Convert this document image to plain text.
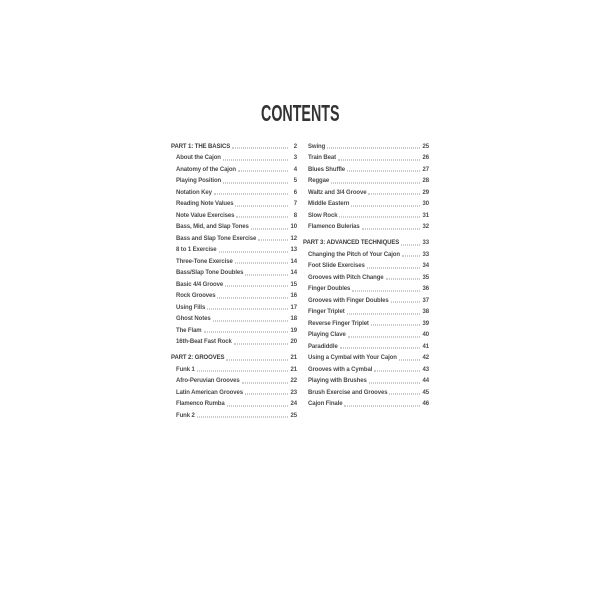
CONTENTS
PART 1: THE BASICS	2
About the Cajon	3
Anatomy of the Cajon	4
Playing Position	5
Notation Key	6
Reading Note Values	7
Note Value Exercises	8
Bass, Mid, and Slap Tones	10
Bass and Slap Tone Exercise	12
8 to 1 Exercise	13
Three-Tone Exercise	14
Bass/Slap Tone Doubles	14
Basic 4/4 Groove	15
Rock Grooves	16
Using Fills	17
Ghost Notes	18
The Flam	19
16th-Beat Fast Rock	20
PART 2: GROOVES	21
Funk 1	21
Afro-Peruvian Grooves	22
Latin American Grooves	23
Flamenco Rumba	24
Funk 2	25
Swing	25
Train Beat	26
Blues Shuffle	27
Reggae	28
Waltz and 3/4 Groove	29
Middle Eastern	30
Slow Rock	31
Flamenco Bulerias	32
PART 3: ADVANCED TECHNIQUES	33
Changing the Pitch of Your Cajon	33
Foot Slide Exercises	34
Grooves with Pitch Change	35
Finger Doubles	36
Grooves with Finger Doubles	37
Finger Triplet	38
Reverse Finger Triplet	39
Playing Clave	40
Paradiddle	41
Using a Cymbal with Your Cajon	42
Grooves with a Cymbal	43
Playing with Brushes	44
Brush Exercise and Grooves	45
Cajon Finale	46
